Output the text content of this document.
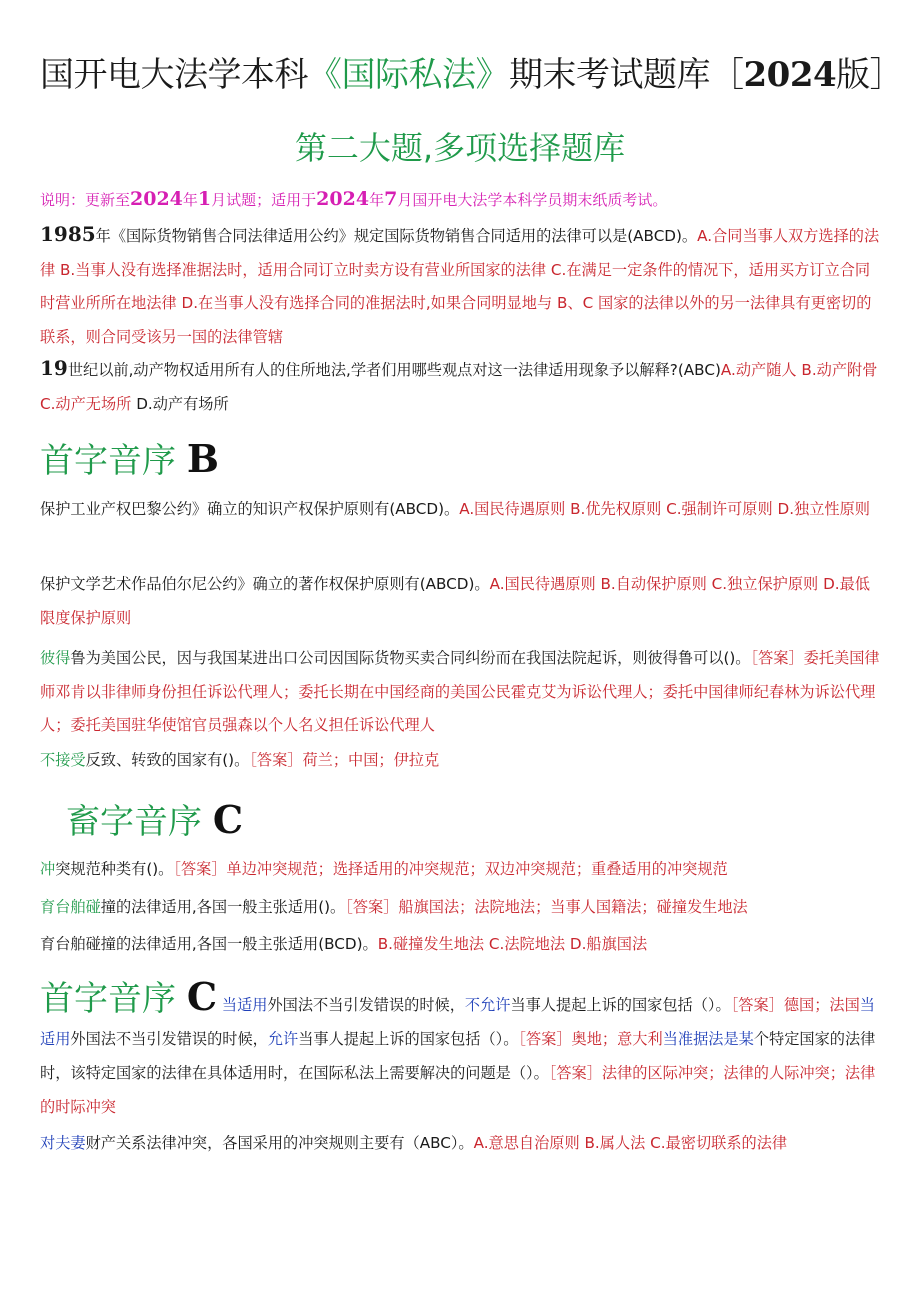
国开电大法学本科《国际私法》期末考试题库［2024版］
第二大题,多项选择题库
说明：更新至2024年1月试题；适用于2024年7月国开电大法学本科学员期末纸质考试。
1985年《国际货物销售合同法律适用公约》规定国际货物销售合同适用的法律可以是(ABCD)。A.合同当事人双方选择的法律 B.当事人没有选择准据法时，适用合同订立时卖方设有营业所国家的法律 C.在满足一定条件的情况下，适用买方订立合同时营业所所在地法律 D.在当事人没有选择合同的准据法时,如果合同明显地与 B、C 国家的法律以外的另一法律具有更密切的联系，则合同受该另一国的法律管辖
19世纪以前,动产物权适用所有人的住所地法,学者们用哪些观点对这一法律适用现象予以解释?(ABC)A.动产随人 B.动产附骨 C.动产无场所 D.动产有场所
首字音序 B
保护工业产权巴黎公约》确立的知识产权保护原则有(ABCD)。A.国民待遇原则 B.优先权原则 C.强制许可原则 D.独立性原则
保护文学艺术作品伯尔尼公约》确立的著作权保护原则有(ABCD)。A.国民待遇原则 B.自动保护原则 C.独立保护原则 D.最低限度保护原则
彼得鲁为美国公民，因与我国某进出口公司因国际货物买卖合同纠纷而在我国法院起诉，则彼得鲁可以()。［答案］委托美国律师邓肯以非律师身份担任诉讼代理人；委托长期在中国经商的美国公民霍克艾为诉讼代理人；委托中国律师纪春林为诉讼代理人；委托美国驻华使馆官员强森以个人名义担任诉讼代理人
不接受反致、转致的国家有()。［答案］荷兰；中国；伊拉克
畜字音序 C
冲突规范种类有()。［答案］单边冲突规范；选择适用的冲突规范；双边冲突规范；重叠适用的冲突规范
育台舶碰撞的法律适用,各国一般主张适用()。［答案］船旗国法；法院地法；当事人国籍法；碰撞发生地法
育台舶碰撞的法律适用,各国一般主张适用(BCD)。B.碰撞发生地法 C.法院地法 D.船旗国法
首字音序 C 当适用外国法不当引发错误的时候，不允许当事人提起上诉的国家包括（）。［答案］德国；法国当适用外国法不当引发错误的时候，允许当事人提起上诉的国家包括（）。［答案］奥地；意大利当准据法是某个特定国家的法律时，该特定国家的法律在具体适用时，在国际私法上需要解决的问题是（）。［答案］法律的区际冲突；法律的人际冲突；法律的时际冲突
对夫妻财产关系法律冲突，各国采用的冲突规则主要有（ABC）。A.意思自治原则 B.属人法 C.最密切联系的法律
